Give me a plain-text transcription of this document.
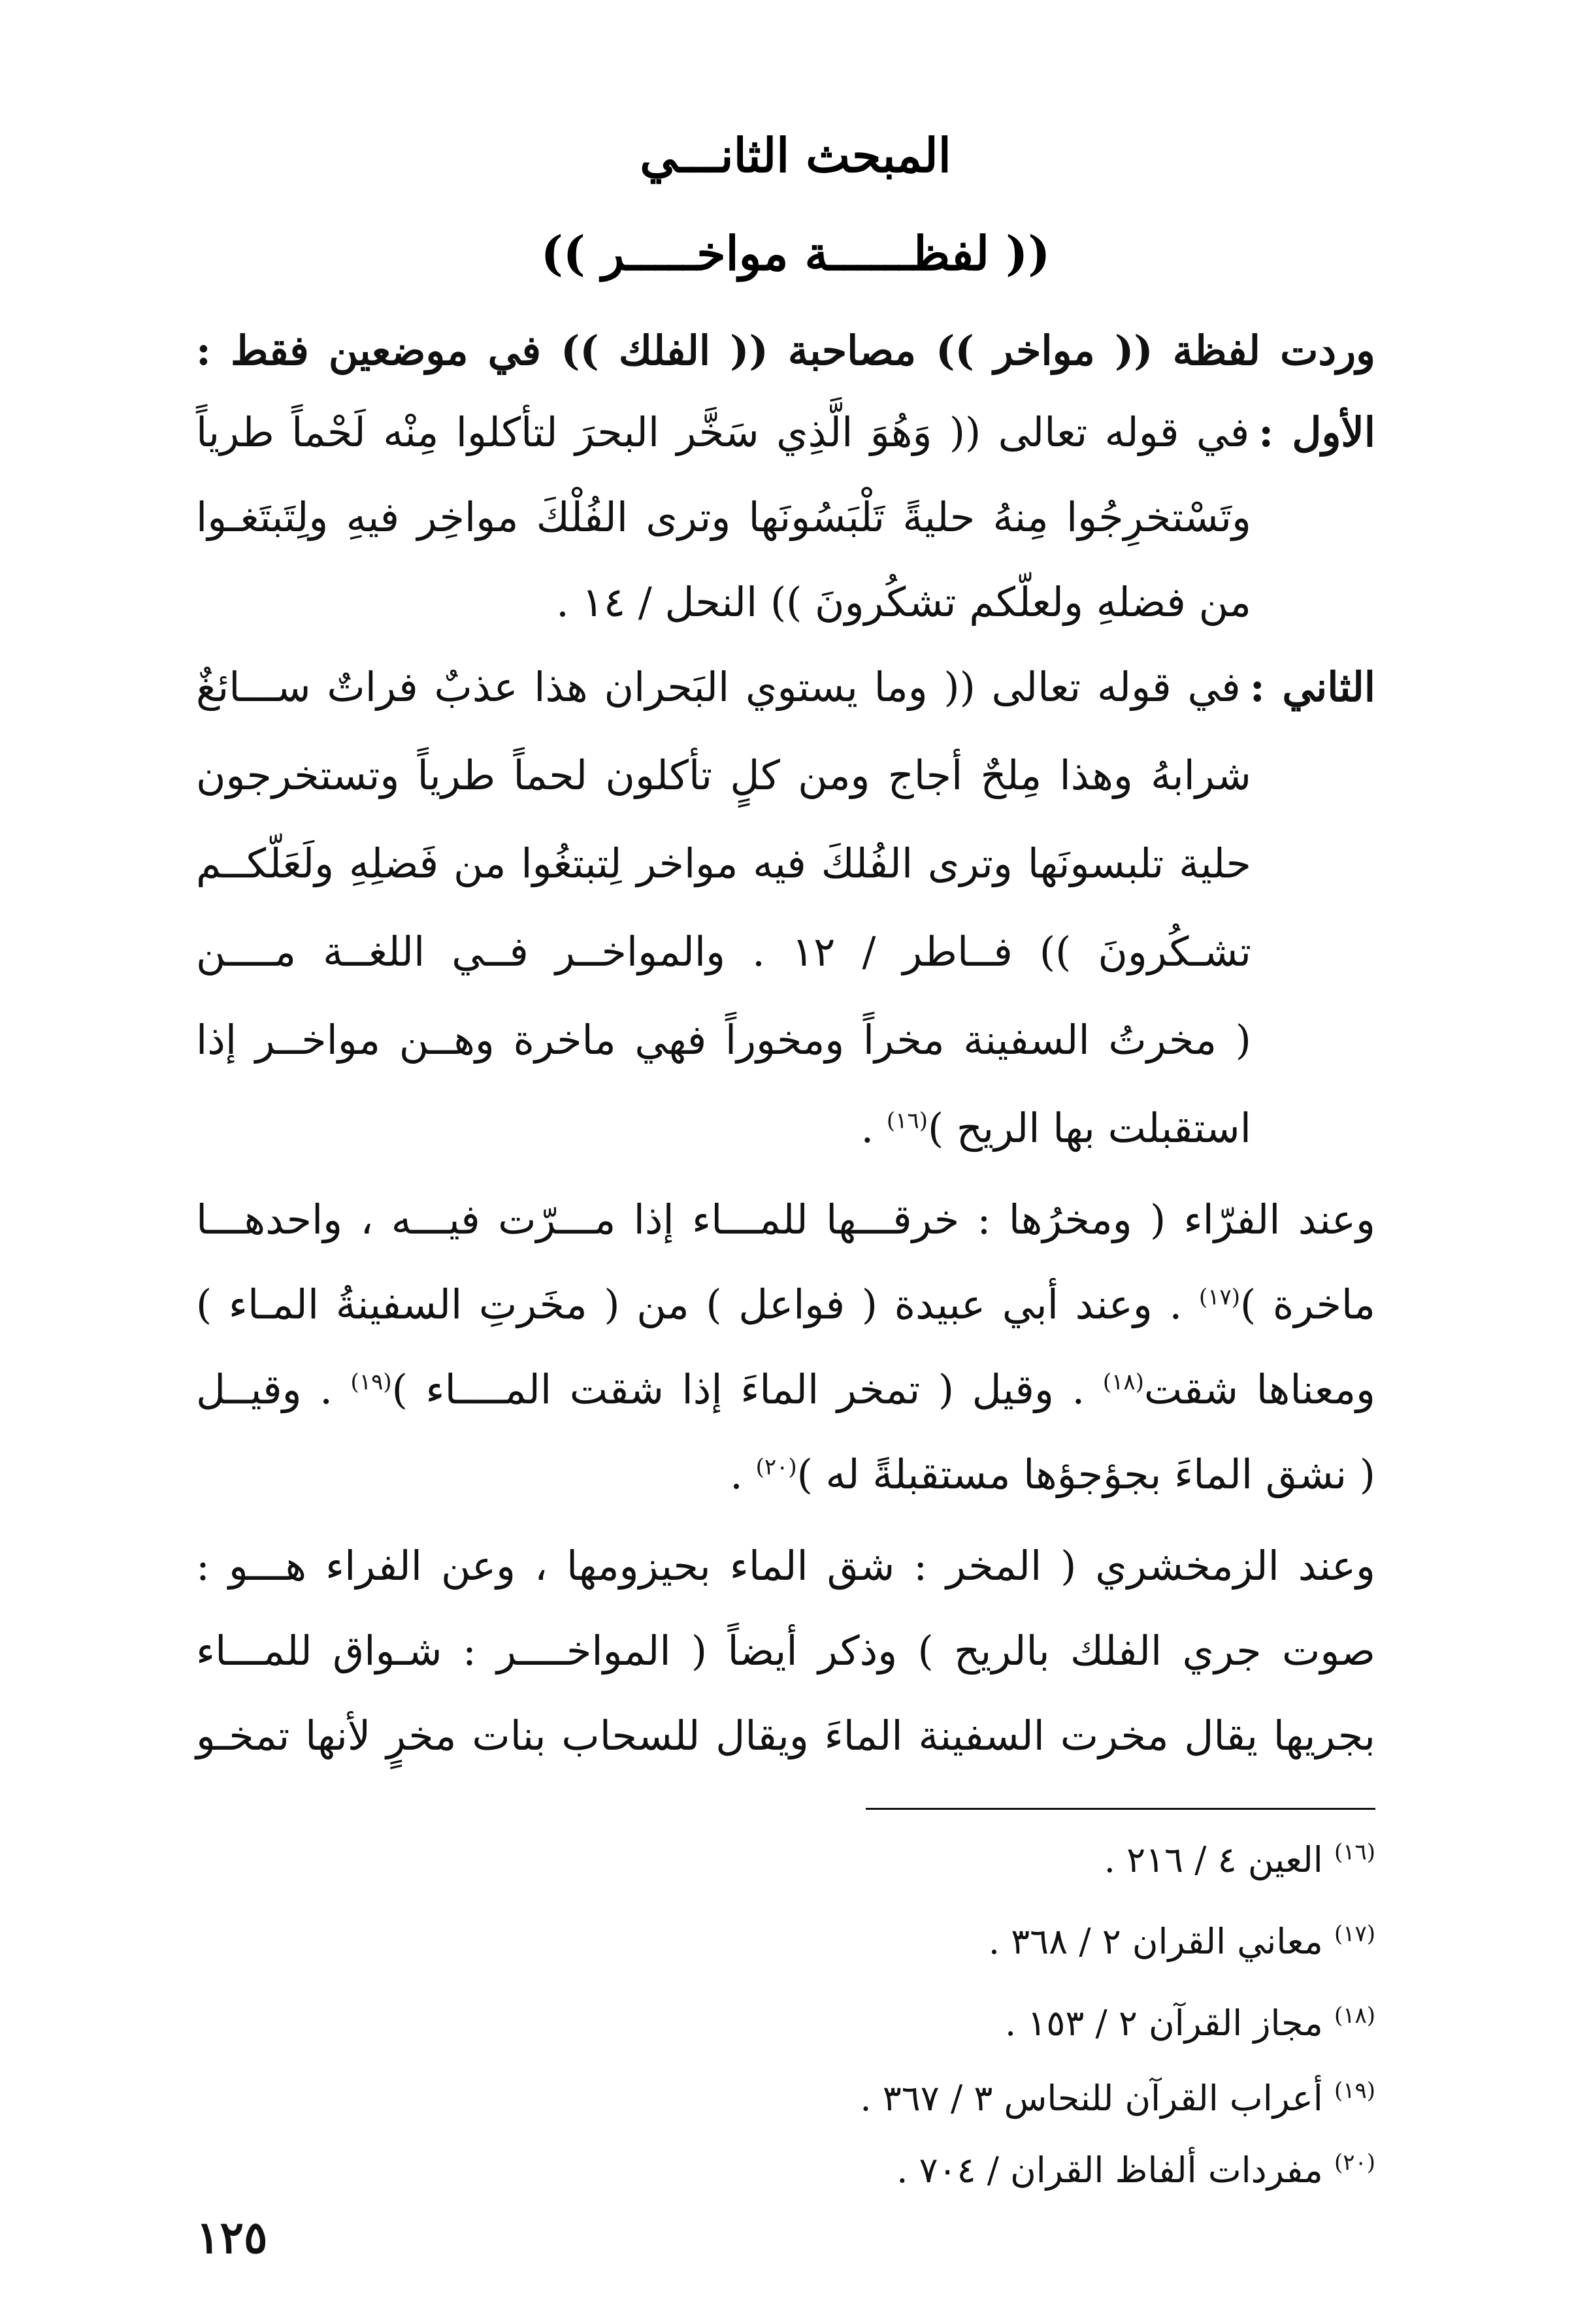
المبحث الثانـــي
(( لفظــــــة مواخـــــر ))
وردت لفظة (( مواخر )) مصاحبة (( الفلك )) في موضعين فقط :
الأول :في قوله تعالى (( وَهُوَ الَّذِي سَخَّر البحرَ لتأكلوا مِنْه لَحْماً طرياً
وتَسْتخرِجُوا مِنهُ حليةً تَلْبَسُونَها وترى الفُلْكَ مواخِر فيهِ ولِتَبتَغـوا
من فضلهِ ولعلّكم تشكُرونَ )) النحل / ١٤ .
الثاني :في قوله تعالى (( وما يستوي البَحران هذا عذبٌ فراتٌ ســـائغٌ
شرابهُ وهذا مِلحٌ أجاج ومن كلٍ تأكلون لحماً طرياً وتستخرجون
حلية تلبسونَها وترى الفُلكَ فيه مواخر لِتبتغُوا من فَضلِهِ ولَعَلّكــم
تشـكُرونَ )) فــاطر / ١٢ . والمواخــر فــي اللغــة مــــن
( مخرتُ السفينة مخراً ومخوراً فهي ماخرة وهــن مواخــر إذا
استقبلت بها الريح )$^{(١٦)}$ .
وعند الفرّاء ( ومخرُها : خرقـــها للمـــاء إذا مـــرّت فيـــه ، واحدهـــا
ماخرة )$^{(١٧)}$ . وعند أبي عبيدة ( فواعل ) من ( مخَرتِ السفينةُ المـاء )
ومعناها شقت$^{(١٨)}$ . وقيل ( تمخر الماءَ إذا شقت المــــاء )$^{(١٩)}$ . وقيــل
( نشق الماءَ بجؤجؤها مستقبلةً له )$^{(٢٠)}$ .
وعند الزمخشري ( المخر : شق الماء بحيزومها ، وعن الفراء هـــو :
صوت جري الفلك بالريح ) وذكر أيضاً ( المواخــــر : شـواق للمـــاء
بجريها يقال مخرت السفينة الماءَ ويقال للسحاب بنات مخرٍ لأنها تمخـو
$^{(١٦)}$ العين ٤ / ٢١٦ .
$^{(١٧)}$ معاني القران ٢ / ٣٦٨ .
$^{(١٨)}$ مجاز القرآن ٢ / ١٥٣ .
$^{(١٩)}$ أعراب القرآن للنحاس ٣ / ٣٦٧ .
$^{(٢٠)}$ مفردات ألفاظ القران / ٧٠٤ .
١٢٥
